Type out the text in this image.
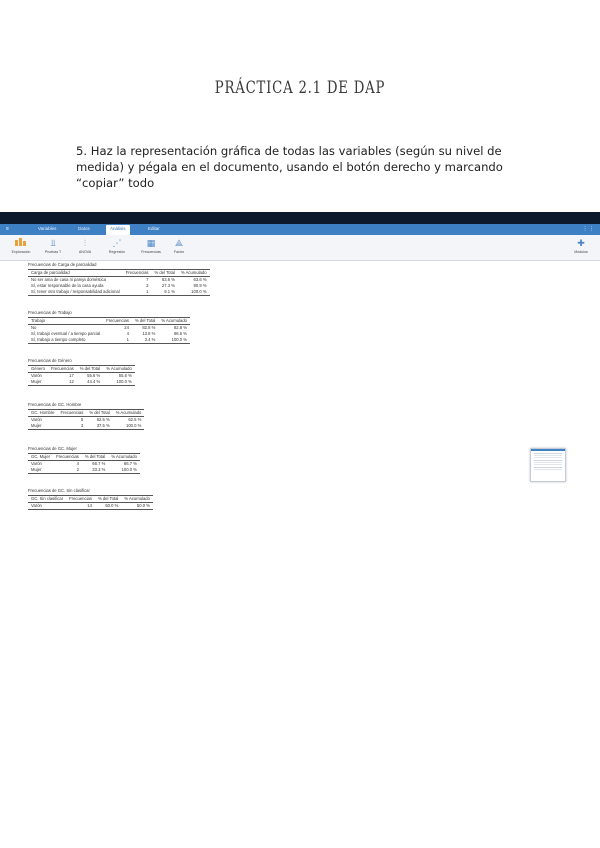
PRÁCTICA 2.1 DE DAP
5. Haz la representación gráfica de todas las variables (según su nivel de medida) y pégala en el documento, usando el botón derecho y marcando “copiar” todo
≡	Variables	Datos	Análisis	Editar	⋮ ⋮
Exploración
⫫
Pruebas T
⫶
ANOVA
⋰
Regresión
▦
Frecuencias
⟁
Factor
✚
Módulos
Frecuencias de Carga de parcialidad
Carga de parcialidad	Frecuencias	% del Total	% Acumulado
No ser ama de casa ni pareja doméstica	7	63.6 %	63.6 %
Sí, estar responsable de la casa ayuda	3	27.3 %	90.9 %
Sí, tener otro trabajo / responsabilidad adicional	1	9.1 %	100.0 %
Frecuencias de Trabajo
Trabajo	Frecuencias	% del Total	% Acumulado
No	24	82.8 %	82.8 %
Sí, trabajo eventual / a tiempo parcial	4	13.8 %	96.6 %
Sí, trabajo a tiempo completo	1	3.4 %	100.0 %
Frecuencias de Género
Género	Frecuencias	% del Total	% Acumulado
Varón	17	55.6 %	55.6 %
Mujer	12	44.4 %	100.0 %
Frecuencias de GC. Hombre
GC. Hombre	Frecuencias	% del Total	% Acumulado
Varón	5	62.5 %	62.5 %
Mujer	3	37.5 %	100.0 %
Frecuencias de GC. Mujer
GC. Mujer	Frecuencias	% del Total	% Acumulado
Varón	4	66.7 %	66.7 %
Mujer	2	33.3 %	100.0 %
Frecuencias de GC. Sin clasificar
GC. Sin clasificar	Frecuencias	% del Total	% Acumulado
Varón	14	50.0 %	50.0 %
